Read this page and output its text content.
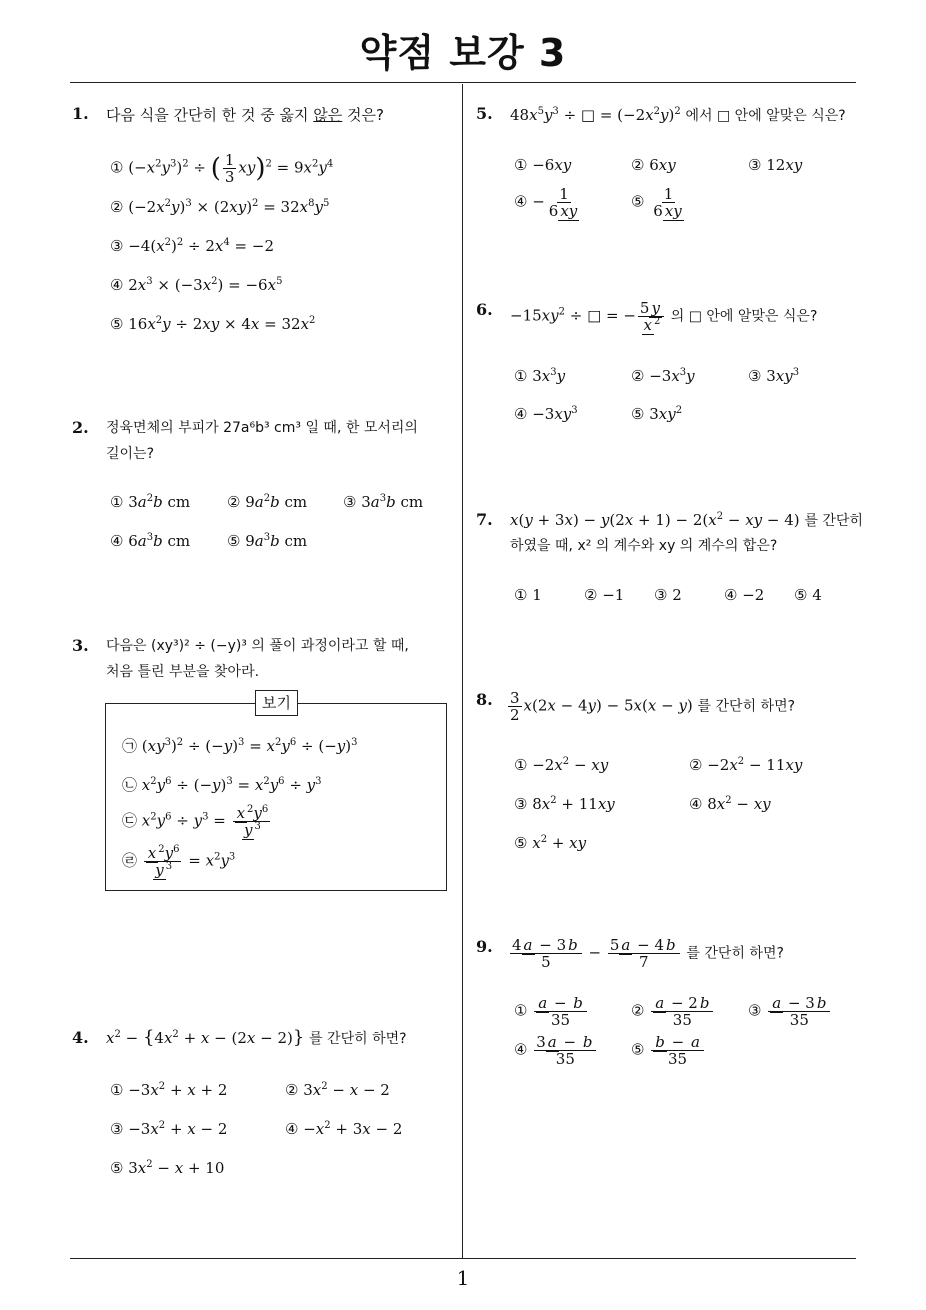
약점 보강 3
1
1. 다음 식을 간단히 한 것 중 옳지 않은 것은?
① $(-x^2y^3)^2$ ÷ ( $\frac{1}{3} xy)^2 = 9x^2y^4$
② $(-2x^2y)^3 \times (2xy)^2 = 32x^8y^5$
③ $-4(x^2)^2 \div 2x^4 = -2$
④ $2x^3 \times (-3x^2) = -6x^5$
⑤ $16x^2y \div 2xy \times 4x = 32x^2$
2. 정육면체의 부피가 27a⁶b³ cm³ 일 때, 한 모서리의
길이는?
① $3a^2b$ cm ② $9a^2b$ cm ③ $3a^3b$ cm
④ $6a^3b$ cm ⑤ $9a^3b$ cm
3. 다음은 (xy³)² ÷ (−y)³ 의 풀이 과정이라고 할 때,
처음 틀린 부분을 찾아라.
보기
㉠ $(xy^3)^2 \div (-y)^3 = x^2y^6 \div (-y)^3$
㉡ $x^2y^6 \div (-y)^3 = x^2y^6 \div y^3$
㉢ $x^2y^6 \div y^3 = \frac{x ^2y^6}{y ^3}$
㉣ $\frac{x ^2y^6}{y ^3} = x^2y^3$
4. $x^2 - \{4x^2 + x - (2x - 2)\}$ 를 간단히 하면?
① $-3x^2 + x + 2$	② $3x^2 - x - 2$
③ $-3x^2 + x - 2$	④ $-x^2 + 3x - 2$
⑤ $3x^2 - x + 10$
5. $48x^5y^3$ ÷ □ = $(-2x^2y)^2$ 에서 □ 안에 알맞은 식은?
① −6xy	② 6xy	③ 12xy
④ − $\frac{1}{6 xy}$	⑤ $\frac{1}{6 xy}$
6. $-15xy^2$ ÷ □ = − $\frac{5 y}{x ^2}$ 의 □ 안에 알맞은 식은?
① $3x^3y$	② $-3x^3y$	③ $3xy^3$
④ $-3xy^3$	⑤ $3xy^2$
7. $x(y + 3x) - y(2x + 1) - 2(x^2$ − xy − 4) 를 간단히
하였을 때, x² 의 계수와 xy 의 계수의 합은?
① 1	② −1 ③ 2	④ −2 ⑤ 4
8. $\frac{3}{2} x(2x - 4y) - 5x(x - y)$ 를 간단히 하면?
① $-2x^2$ − xy	② $-2x^2 - 11xy$
③ $8x^2 + 11xy$	④ $8x^2$ − xy
⑤ $x^2$ + xy
9. $\frac{4 a - 3 b}{5} - \frac{5 a - 4 b}{7}$ 를 간단히 하면?
① $\frac{a - b}{35}$	② $\frac{a - 2 b}{35}$ ③ $\frac{a - 3 b}{35}$
④ $\frac{3 a - b}{35}$ ⑤ $\frac{b - a}{35}$
